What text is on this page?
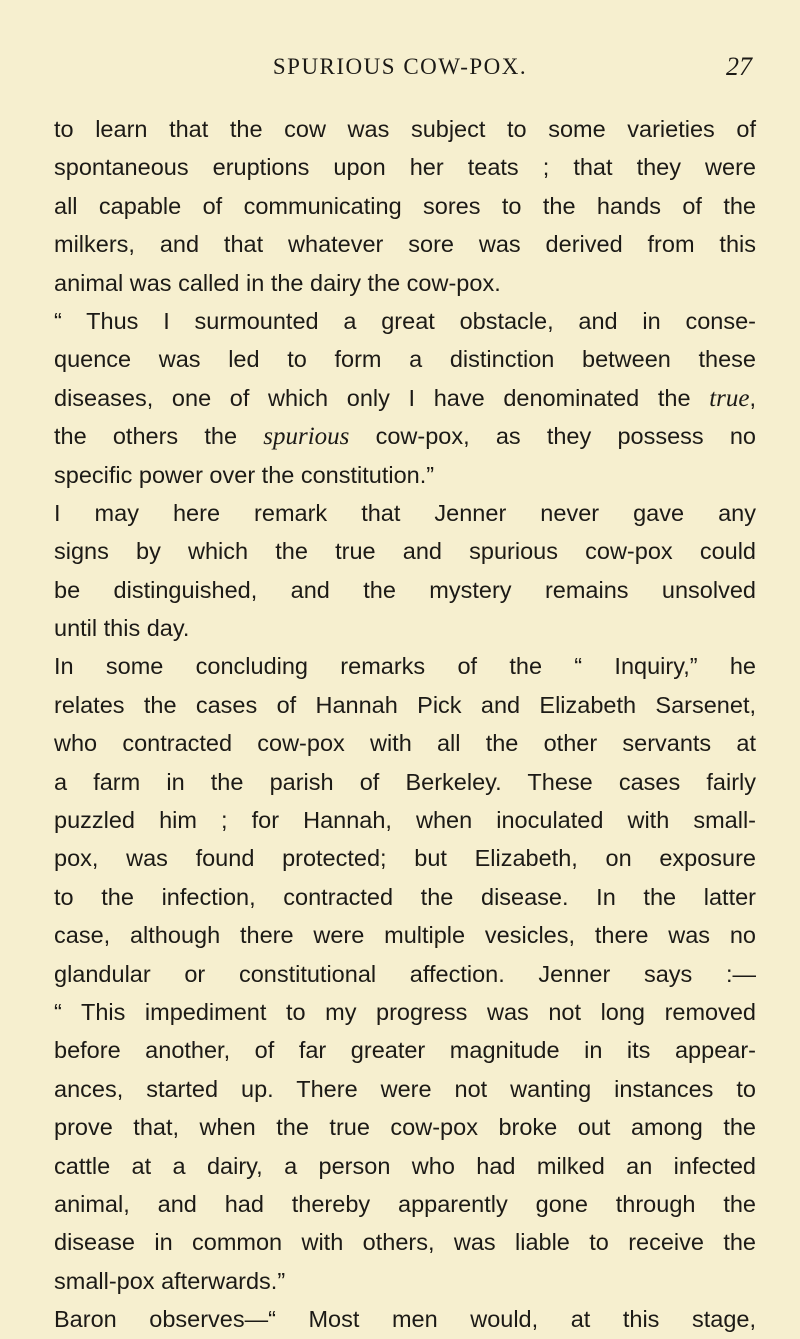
SPURIOUS COW-POX.	27
to learn that the cow was subject to some varieties of
spontaneous eruptions upon her teats ; that they were
all capable of communicating sores to the hands of the
milkers, and that whatever sore was derived from this
animal was called in the dairy the cow-pox.
“ Thus I surmounted a great obstacle, and in conse-
quence was led to form a distinction between these
diseases, one of which only I have denominated the true,
the others the spurious cow-pox, as they possess no
specific power over the constitution.”
I may here remark that Jenner never gave any
signs by which the true and spurious cow-pox could
be distinguished, and the mystery remains unsolved
until this day.
In some concluding remarks of the “ Inquiry,” he
relates the cases of Hannah Pick and Elizabeth Sarsenet,
who contracted cow-pox with all the other servants at
a farm in the parish of Berkeley. These cases fairly
puzzled him ; for Hannah, when inoculated with small-
pox, was found protected; but Elizabeth, on exposure
to the infection, contracted the disease. In the latter
case, although there were multiple vesicles, there was no
glandular or constitutional affection. Jenner says :—
“ This impediment to my progress was not long removed
before another, of far greater magnitude in its appear-
ances, started up. There were not wanting instances to
prove that, when the true cow-pox broke out among the
cattle at a dairy, a person who had milked an infected
animal, and had thereby apparently gone through the
disease in common with others, was liable to receive the
small-pox afterwards.”
Baron observes—“ Most men would, at this stage,
